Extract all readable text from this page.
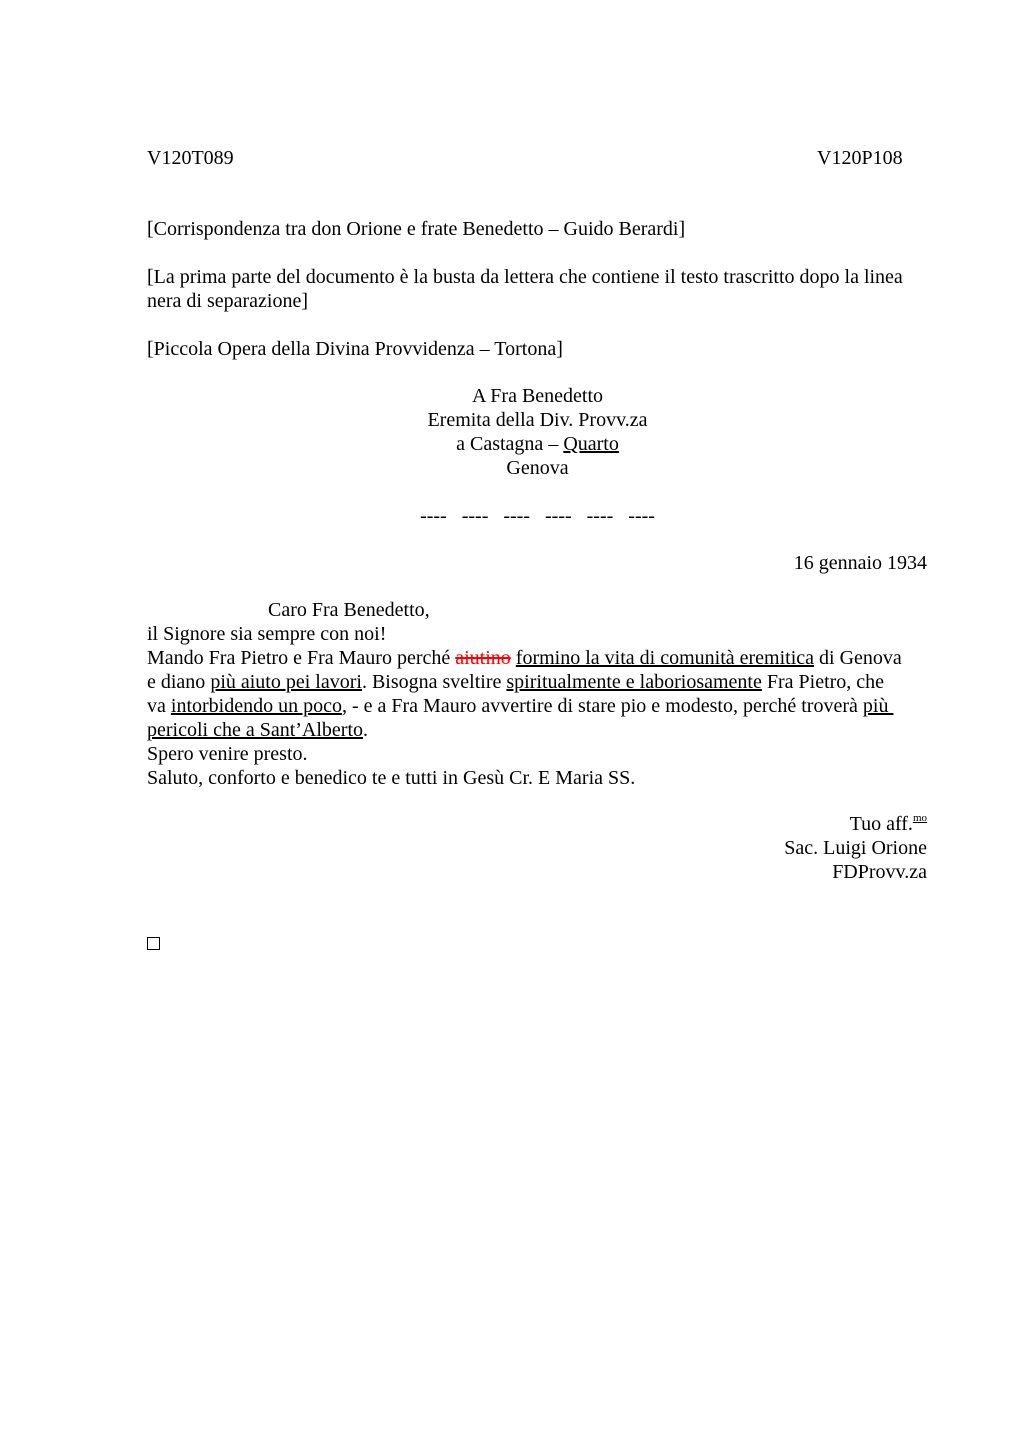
V120T089	V120P108
[Corrispondenza tra don Orione e frate Benedetto – Guido Berardi]
[La prima parte del documento è la busta da lettera che contiene il testo trascritto dopo la linea
nera di separazione]
[Piccola Opera della Divina Provvidenza – Tortona]
A Fra Benedetto
Eremita della Div. Provv.za
a Castagna – Quarto
Genova
----   ----   ----   ----   ----   ----
16 gennaio 1934
Caro Fra Benedetto,
il Signore sia sempre con noi!
Mando Fra Pietro e Fra Mauro perché aiutino formino la vita di comunità eremitica di Genova
e diano più aiuto pei lavori. Bisogna sveltire spiritualmente e laboriosamente Fra Pietro, che
va intorbidendo un poco, - e a Fra Mauro avvertire di stare pio e modesto, perché troverà più
pericoli che a Sant’Alberto.
Spero venire presto.
Saluto, conforto e benedico te e tutti in Gesù Cr. E Maria SS.
Tuo aff.$^{mo}$
Sac. Luigi Orione
FDProvv.za
